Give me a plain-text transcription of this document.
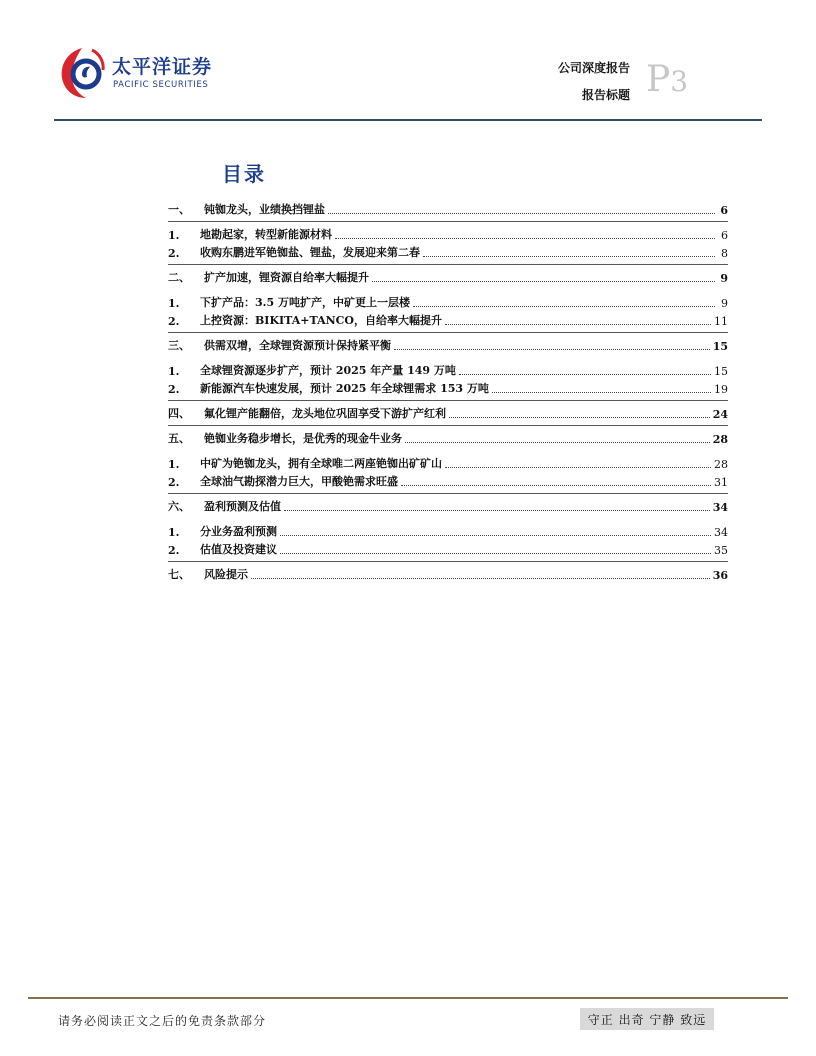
太平洋证券
PACIFIC SECURITIES
公司深度报告
报告标题 P3
目录
一、	钝铷龙头，业绩换挡锂盐	6
1.	地勘起家，转型新能源材料	6
2.	收购东鹏进军铯铷盐、锂盐，发展迎来第二春	8
二、	扩产加速，锂资源自给率大幅提升	9
1.	下扩产品：3.5 万吨扩产，中矿更上一层楼	9
2.	上控资源：BIKITA+TANCO，自给率大幅提升	11
三、	供需双增，全球锂资源预计保持紧平衡	15
1.	全球锂资源逐步扩产，预计 2025 年产量 149 万吨	15
2.	新能源汽车快速发展，预计 2025 年全球锂需求 153 万吨	19
四、	氟化锂产能翻倍，龙头地位巩固享受下游扩产红利	24
五、	铯铷业务稳步增长，是优秀的现金牛业务	28
1.	中矿为铯铷龙头，拥有全球唯二两座铯铷出矿矿山	28
2.	全球油气勘探潜力巨大，甲酸铯需求旺盛	31
六、	盈利预测及估值	34
1.	分业务盈利预测	34
2.	估值及投资建议	35
七、	风险提示	36
请务必阅读正文之后的免责条款部分	守正 出奇 宁静 致远
